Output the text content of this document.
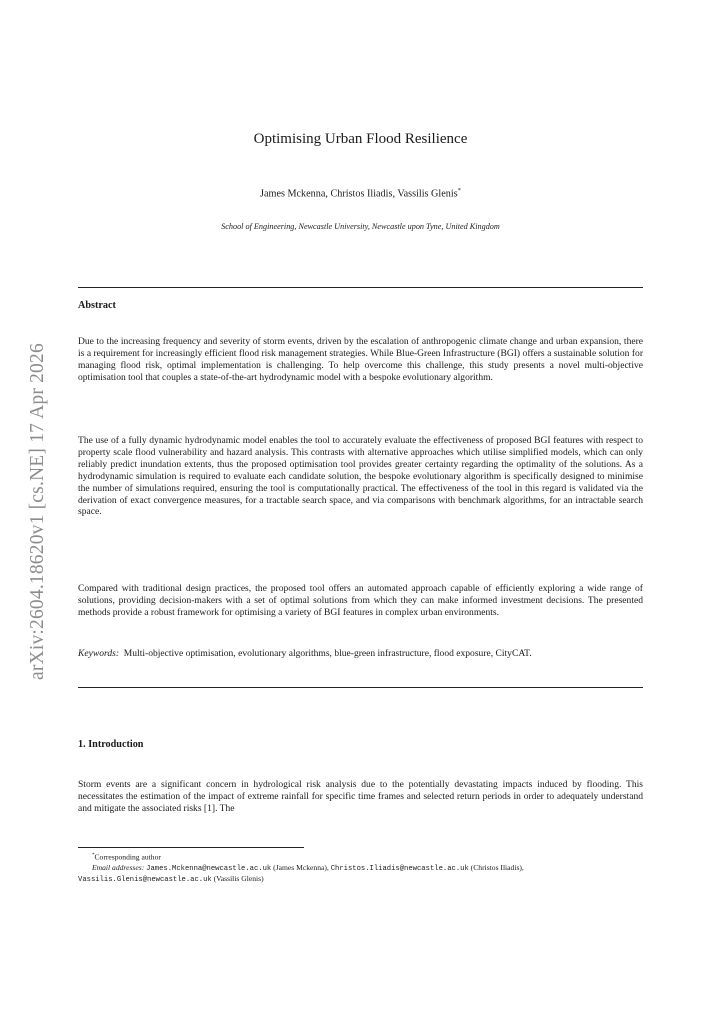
arXiv:2604.18620v1 [cs.NE] 17 Apr 2026
Optimising Urban Flood Resilience
James Mckenna, Christos Iliadis, Vassilis Glenis*
School of Engineering, Newcastle University, Newcastle upon Tyne, United Kingdom
Abstract
Due to the increasing frequency and severity of storm events, driven by the escalation of anthropogenic climate change and urban expansion, there is a requirement for increasingly efficient flood risk management strategies. While Blue-Green Infrastructure (BGI) offers a sustainable solution for managing flood risk, optimal implementation is challenging. To help overcome this challenge, this study presents a novel multi-objective optimisation tool that couples a state-of-the-art hydrodynamic model with a bespoke evolutionary algorithm.
The use of a fully dynamic hydrodynamic model enables the tool to accurately evaluate the effectiveness of proposed BGI features with respect to property scale flood vulnerability and hazard analysis. This contrasts with alternative approaches which utilise simplified models, which can only reliably predict inundation extents, thus the proposed optimisation tool provides greater certainty regarding the optimality of the solutions. As a hydrodynamic simulation is required to evaluate each candidate solution, the bespoke evolutionary algorithm is specifically designed to minimise the number of simulations required, ensuring the tool is computationally practical. The effectiveness of the tool in this regard is validated via the derivation of exact convergence measures, for a tractable search space, and via comparisons with benchmark algorithms, for an intractable search space.
Compared with traditional design practices, the proposed tool offers an automated approach capable of efficiently exploring a wide range of solutions, providing decision-makers with a set of optimal solutions from which they can make informed investment decisions. The presented methods provide a robust framework for optimising a variety of BGI features in complex urban environments.
Keywords: Multi-objective optimisation, evolutionary algorithms, blue-green infrastructure, flood exposure, CityCAT.
1. Introduction
Storm events are a significant concern in hydrological risk analysis due to the potentially devastating impacts induced by flooding. This necessitates the estimation of the impact of extreme rainfall for specific time frames and selected return periods in order to adequately understand and mitigate the associated risks [1]. The
*Corresponding author
Email addresses: James.Mckenna@newcastle.ac.uk (James Mckenna), Christos.Iliadis@newcastle.ac.uk (Christos Iliadis), Vassilis.Glenis@newcastle.ac.uk (Vassilis Glenis)
